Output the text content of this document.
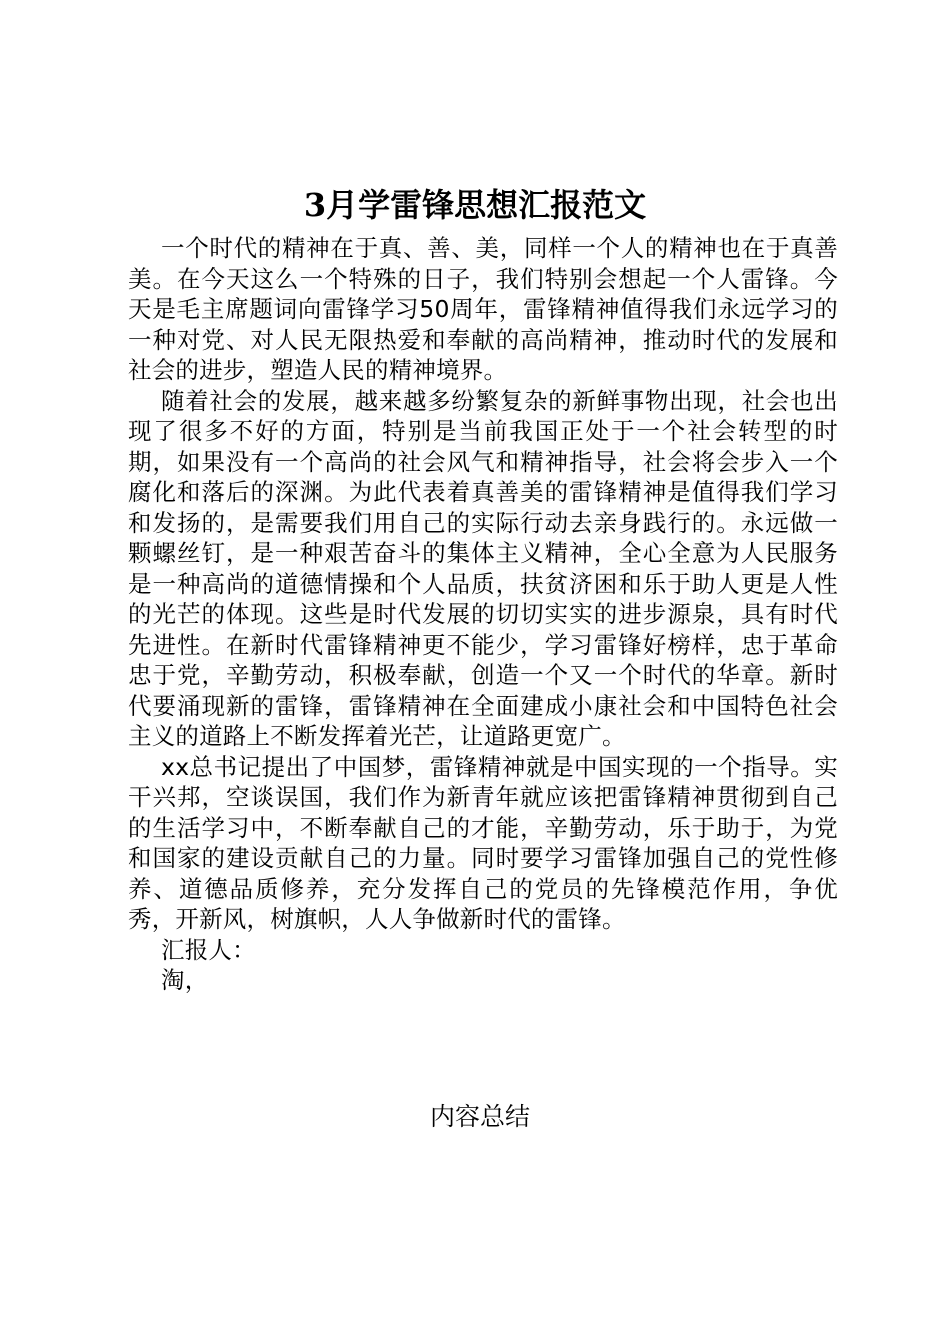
3月学雷锋思想汇报范文

一个时代的精神在于真、善、美，同样一个人的精神也在于真善美。在今天这么一个特殊的日子，我们特别会想起一个人雷锋。今天是毛主席题词向雷锋学习50周年，雷锋精神值得我们永远学习的一种对党、对人民无限热爱和奉献的高尚精神，推动时代的发展和社会的进步，塑造人民的精神境界。

随着社会的发展，越来越多纷繁复杂的新鲜事物出现，社会也出现了很多不好的方面，特别是当前我国正处于一个社会转型的时期，如果没有一个高尚的社会风气和精神指导，社会将会步入一个腐化和落后的深渊。为此代表着真善美的雷锋精神是值得我们学习和发扬的，是需要我们用自己的实际行动去亲身践行的。永远做一颗螺丝钉，是一种艰苦奋斗的集体主义精神，全心全意为人民服务是一种高尚的道德情操和个人品质，扶贫济困和乐于助人更是人性的光芒的体现。这些是时代发展的切切实实的进步源泉，具有时代先进性。在新时代雷锋精神更不能少，学习雷锋好榜样，忠于革命忠于党，辛勤劳动，积极奉献，创造一个又一个时代的华章。新时代要涌现新的雷锋，雷锋精神在全面建成小康社会和中国特色社会主义的道路上不断发挥着光芒，让道路更宽广。

xx总书记提出了中国梦，雷锋精神就是中国实现的一个指导。实干兴邦，空谈误国，我们作为新青年就应该把雷锋精神贯彻到自己的生活学习中，不断奉献自己的才能，辛勤劳动，乐于助于，为党和国家的建设贡献自己的力量。同时要学习雷锋加强自己的党性修养、道德品质修养，充分发挥自己的党员的先锋模范作用，争优秀，开新风，树旗帜，人人争做新时代的雷锋。

汇报人：

淘，

内容总结
